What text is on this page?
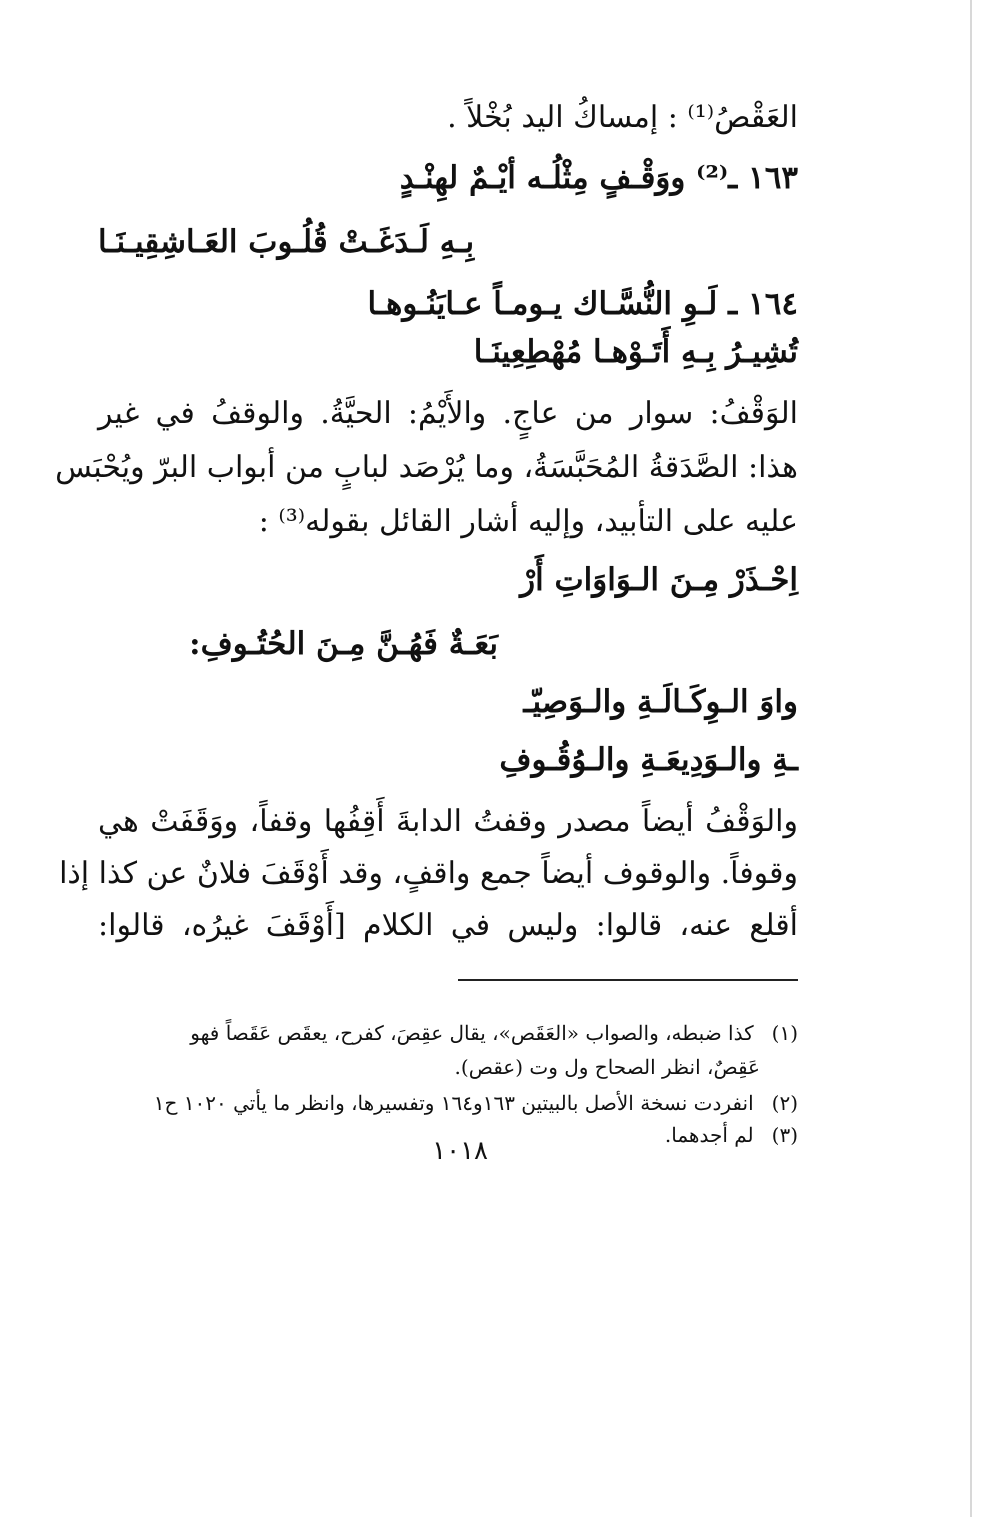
العَقْصُ⁽¹⁾ : إمساكُ اليد بُخْلاً .
١٦٣ ـ⁽²⁾ ووَقْـفٍ مِثْلُـه أيْـمٌ لهِنْـدٍ
بِـهِ لَـدَغَـتْ قُلُـوبَ العَـاشِقِيـنَـا
١٦٤ ـ لَـوِ النُّسَّـاك يـومـاً عـايَنُـوهـا
تُشِيـرُ بِـهِ أَتَـوْهـا مُهْطِعِينَـا
الوَقْفُ: سوار من عاجٍ. والأَيْمُ: الحيَّةُ. والوقفُ في غير
هذا: الصَّدَقةُ المُحَبَّسَةُ، وما يُرْصَد لبابٍ من أبواب البرّ ويُحْبَس
عليه على التأبيد، وإليه أشار القائل بقوله⁽³⁾ :
اِحْـذَرْ مِـنَ الـوَاوَاتِ أَرْ
بَعَـةٌ فَهُـنَّ مِـنَ الحُتُـوفِ:
واوَ الـوِكَـالَـةِ والـوَصِيّـ
ـةِ والـوَدِيعَـةِ والـوُقُـوفِ
والوَقْفُ أيضاً مصدر وقفتُ الدابةَ أَقِفُها وقفاً، ووَقَفَتْ هي
وقوفاً. والوقوف أيضاً جمع واقفٍ، وقد أَوْقَفَ فلانٌ عن كذا إذا
أقلع عنه، قالوا: وليس في الكلام [أَوْقَفَ غيرُه، قالوا:
(١) كذا ضبطه، والصواب «العَقَص»، يقال عقِصَ، كفرح، يعقَص عَقَصاً فهو
عَقِصٌ، انظر الصحاح ول وت (عقص).
(٢) انفردت نسخة الأصل بالبيتين ١٦٣و١٦٤ وتفسيرها، وانظر ما يأتي ١٠٢٠ ح١
(٣) لم أجدهما.
١٠١٨
